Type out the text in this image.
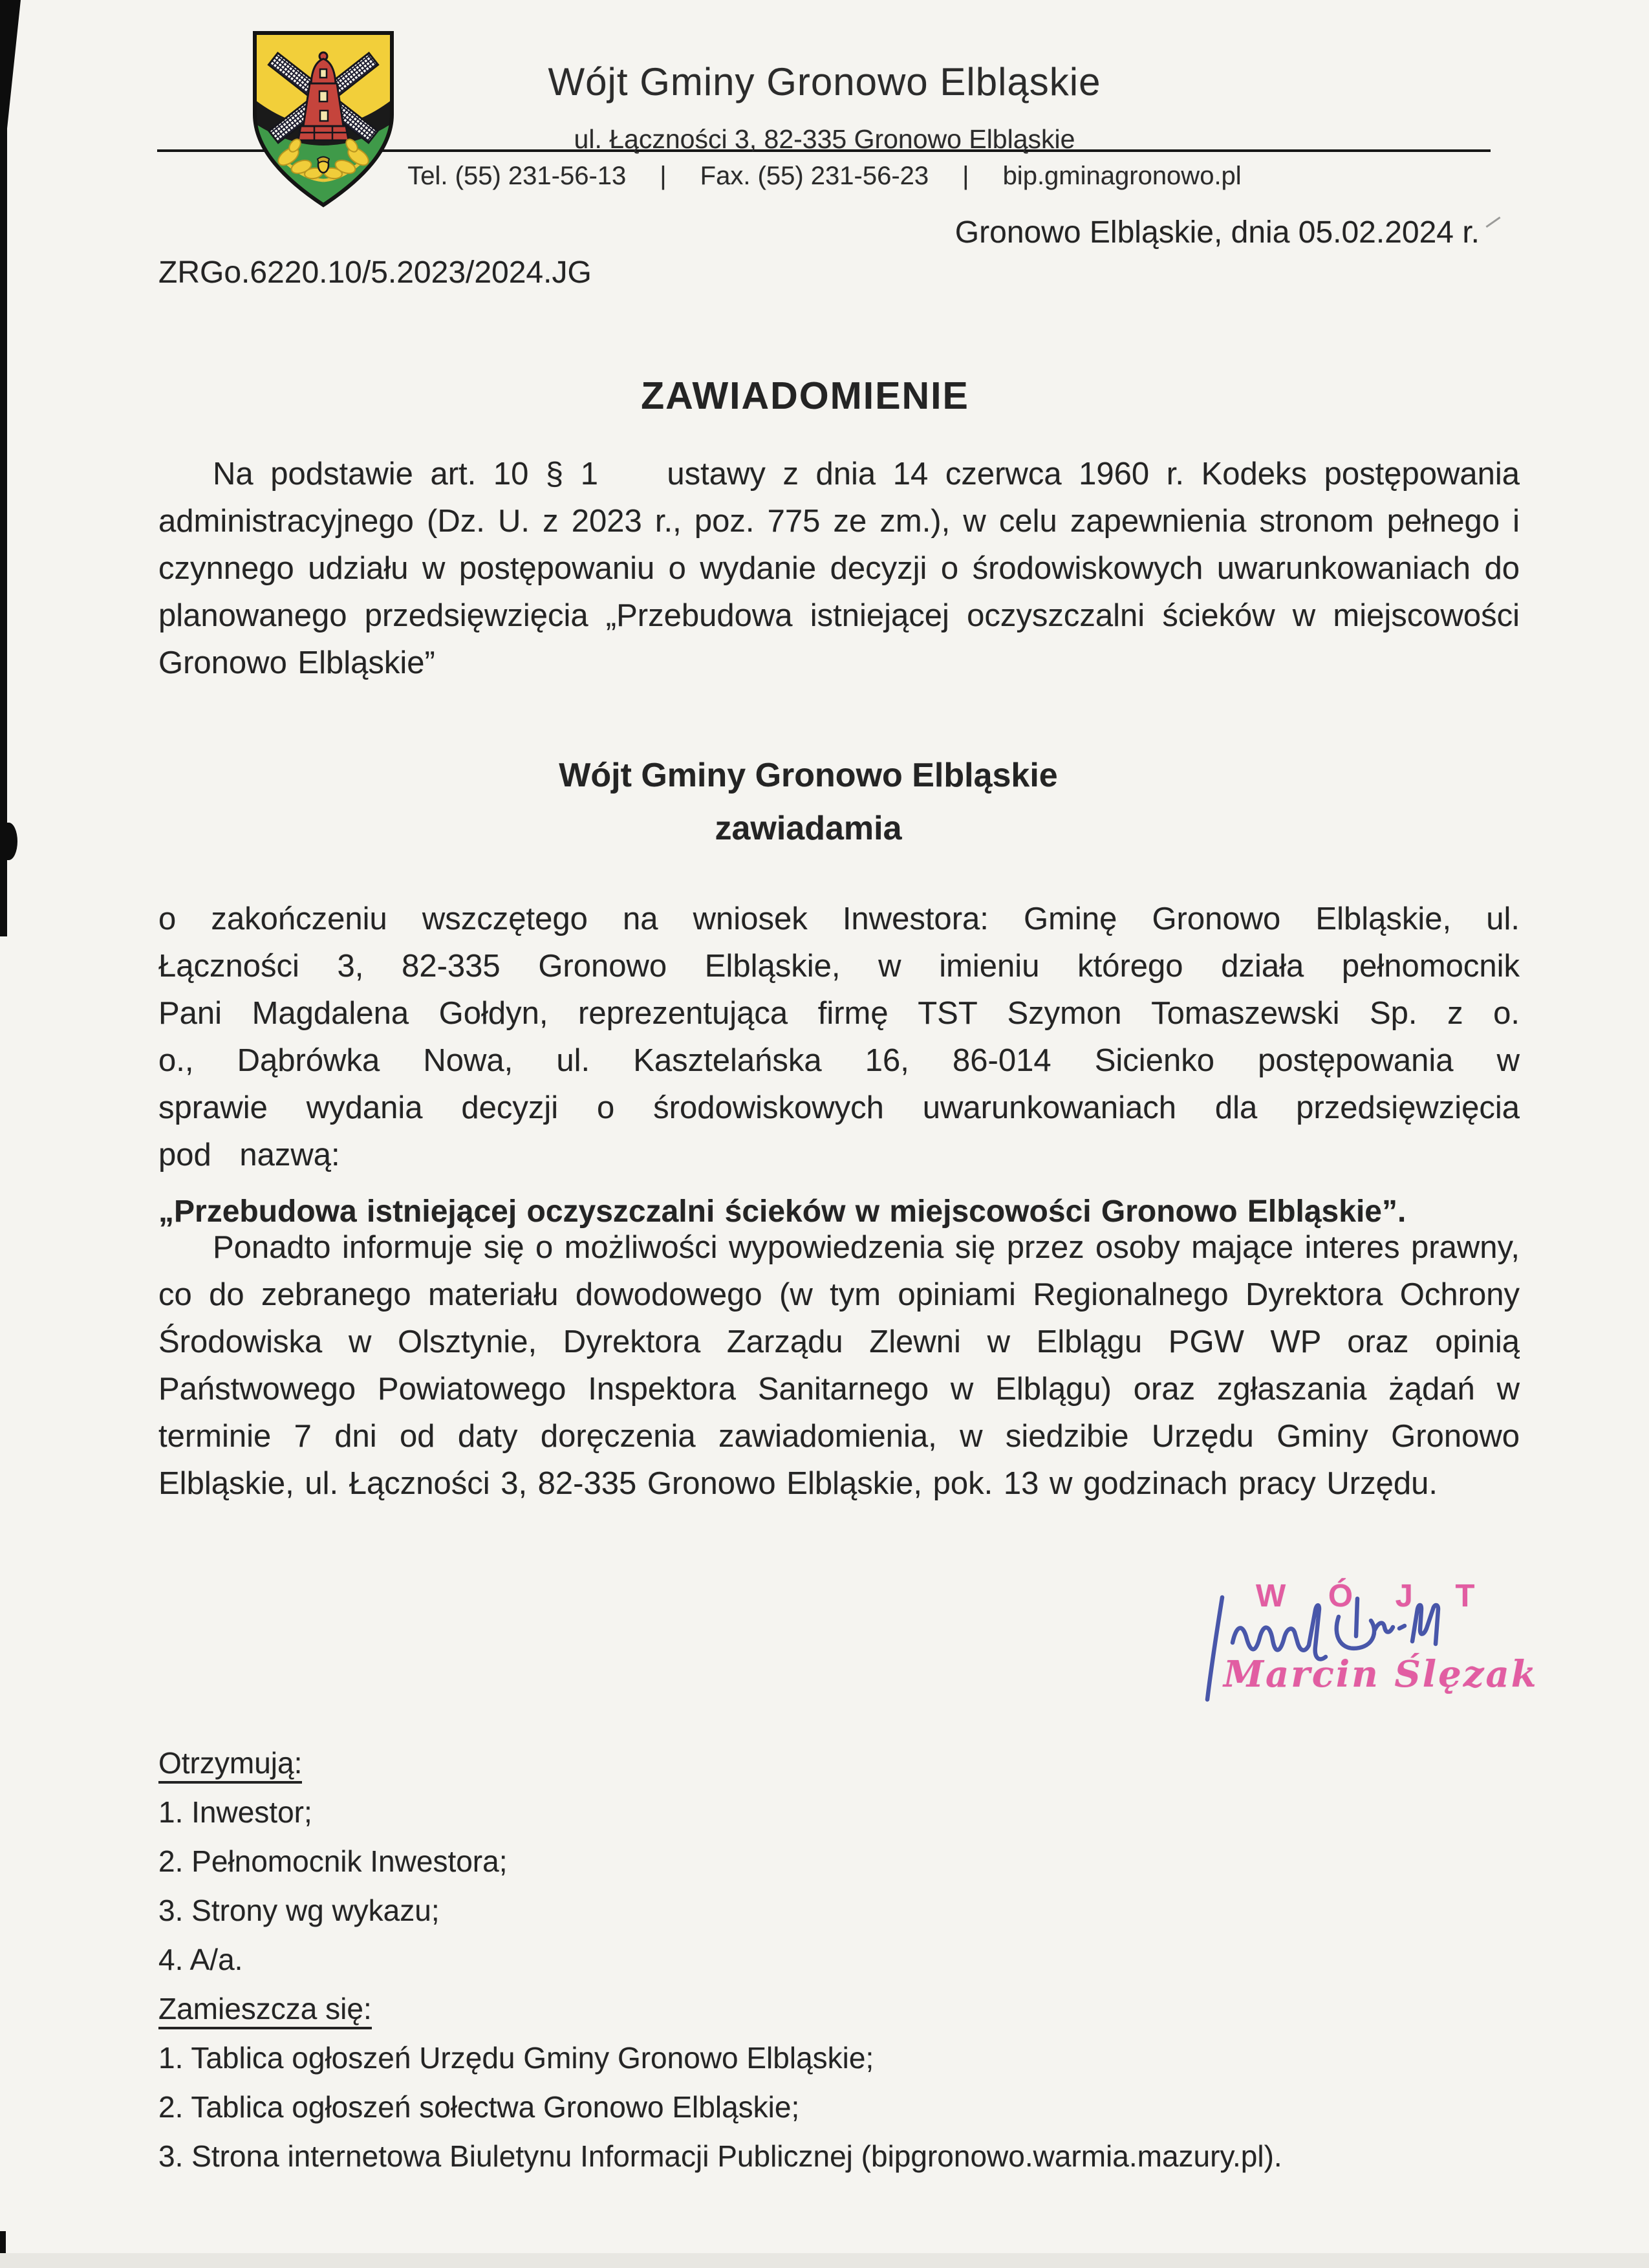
Wójt Gminy Gronowo Elbląskie
ul. Łączności 3, 82-335 Gronowo Elbląskie
Tel. (55) 231-56-13 | Fax. (55) 231-56-23 | bip.gminagronowo.pl
Gronowo Elbląskie, dnia 05.02.2024 r.
ZRGo.6220.10/5.2023/2024.JG
ZAWIADOMIENIE
Na podstawie art. 10 § 1    ustawy z dnia 14 czerwca 1960 r. Kodeks postępowania administracyjnego (Dz. U. z 2023 r., poz. 775 ze zm.), w celu zapewnienia stronom pełnego i czynnego udziału w postępowaniu o wydanie decyzji o środowiskowych uwarunkowaniach do planowanego przedsięwzięcia „Przebudowa istniejącej oczyszczalni ścieków w miejscowości Gronowo Elbląskie”
Wójt Gminy Gronowo Elbląskie
zawiadamia
o zakończeniu wszczętego na wniosek Inwestora: Gminę Gronowo Elbląskie, ul. Łączności 3, 82-335 Gronowo Elbląskie, w imieniu którego działa pełnomocnik Pani Magdalena Gołdyn, reprezentująca firmę TST Szymon Tomaszewski Sp. z o. o., Dąbrówka Nowa, ul. Kasztelańska 16, 86-014 Sicienko postępowania w sprawie wydania decyzji o środowiskowych uwarunkowaniach dla przedsięwzięcia pod nazwą:

„Przebudowa istniejącej oczyszczalni ścieków w miejscowości Gronowo Elbląskie”.

Ponadto informuje się o możliwości wypowiedzenia się przez osoby mające interes prawny, co do zebranego materiału dowodowego (w tym opiniami Regionalnego Dyrektora Ochrony Środowiska w Olsztynie, Dyrektora Zarządu Zlewni w Elblągu PGW WP oraz opinią Państwowego Powiatowego Inspektora Sanitarnego w Elblągu) oraz zgłaszania żądań w terminie 7 dni od daty doręczenia zawiadomienia, w siedzibie Urzędu Gminy Gronowo Elbląskie, ul. Łączności 3, 82-335 Gronowo Elbląskie, pok. 13 w godzinach pracy Urzędu.
W Ó J T
Marcin Ślęzak
Otrzymują:
1. Inwestor;
2. Pełnomocnik Inwestora;
3. Strony wg wykazu;
4. A/a.
Zamieszcza się:
1. Tablica ogłoszeń Urzędu Gminy Gronowo Elbląskie;
2. Tablica ogłoszeń sołectwa Gronowo Elbląskie;
3. Strona internetowa Biuletynu Informacji Publicznej (bipgronowo.warmia.mazury.pl).
